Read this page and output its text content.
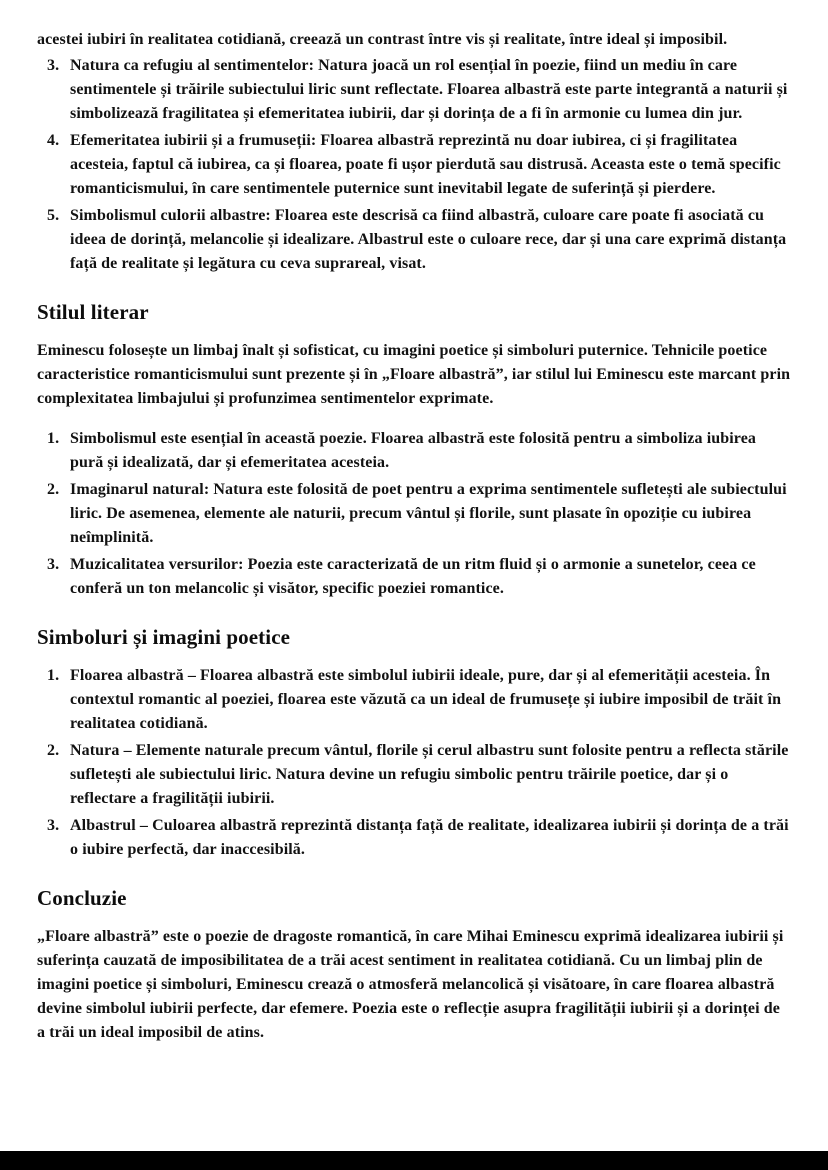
acestei iubiri în realitatea cotidiană, creează un contrast între vis și realitate, între ideal și imposibil.

3. Natura ca refugiu al sentimentelor: Natura joacă un rol esențial în poezie, fiind un mediu în care sentimentele și trăirile subiectului liric sunt reflectate. Floarea albastră este parte integrantă a naturii și simbolizează fragilitatea și efemeritatea iubirii, dar și dorința de a fi în armonie cu lumea din jur.
4. Efemeritatea iubirii și a frumuseții: Floarea albastră reprezintă nu doar iubirea, ci și fragilitatea acesteia, faptul că iubirea, ca și floarea, poate fi ușor pierdută sau distrusă. Aceasta este o temă specific romanticismului, în care sentimentele puternice sunt inevitabil legate de suferință și pierdere.
5. Simbolismul culorii albastre: Floarea este descrisă ca fiind albastră, culoare care poate fi asociată cu ideea de dorință, melancolie și idealizare. Albastrul este o culoare rece, dar și una care exprimă distanța față de realitate și legătura cu ceva suprareal, visat.
Stilul literar

Eminescu folosește un limbaj înalt și sofisticat, cu imagini poetice și simboluri puternice. Tehnicile poetice caracteristice romanticismului sunt prezente și în „Floare albastră”, iar stilul lui Eminescu este marcant prin complexitatea limbajului și profunzimea sentimentelor exprimate.

1. Simbolismul este esențial în această poezie. Floarea albastră este folosită pentru a simboliza iubirea pură și idealizată, dar și efemeritatea acesteia.
2. Imaginarul natural: Natura este folosită de poet pentru a exprima sentimentele sufletești ale subiectului liric. De asemenea, elemente ale naturii, precum vântul și florile, sunt plasate în opoziție cu iubirea neîmplinită.
3. Muzicalitatea versurilor: Poezia este caracterizată de un ritm fluid și o armonie a sunetelor, ceea ce conferă un ton melancolic și visător, specific poeziei romantice.
Simboluri și imagini poetice
1. Floarea albastră – Floarea albastră este simbolul iubirii ideale, pure, dar și al efemerității acesteia. În contextul romantic al poeziei, floarea este văzută ca un ideal de frumusețe și iubire imposibil de trăit în realitatea cotidiană.
2. Natura – Elemente naturale precum vântul, florile și cerul albastru sunt folosite pentru a reflecta stările sufletești ale subiectului liric. Natura devine un refugiu simbolic pentru trăirile poetice, dar și o reflectare a fragilității iubirii.
3. Albastrul – Culoarea albastră reprezintă distanța față de realitate, idealizarea iubirii și dorința de a trăi o iubire perfectă, dar inaccesibilă.
Concluzie

„Floare albastră” este o poezie de dragoste romantică, în care Mihai Eminescu exprimă idealizarea iubirii și suferința cauzată de imposibilitatea de a trăi acest sentiment in realitatea cotidiană. Cu un limbaj plin de imagini poetice și simboluri, Eminescu crează o atmosferă melancolică și visătoare, în care floarea albastră devine simbolul iubirii perfecte, dar efemere. Poezia este o reflecție asupra fragilității iubirii și a dorinței de a trăi un ideal imposibil de atins.
